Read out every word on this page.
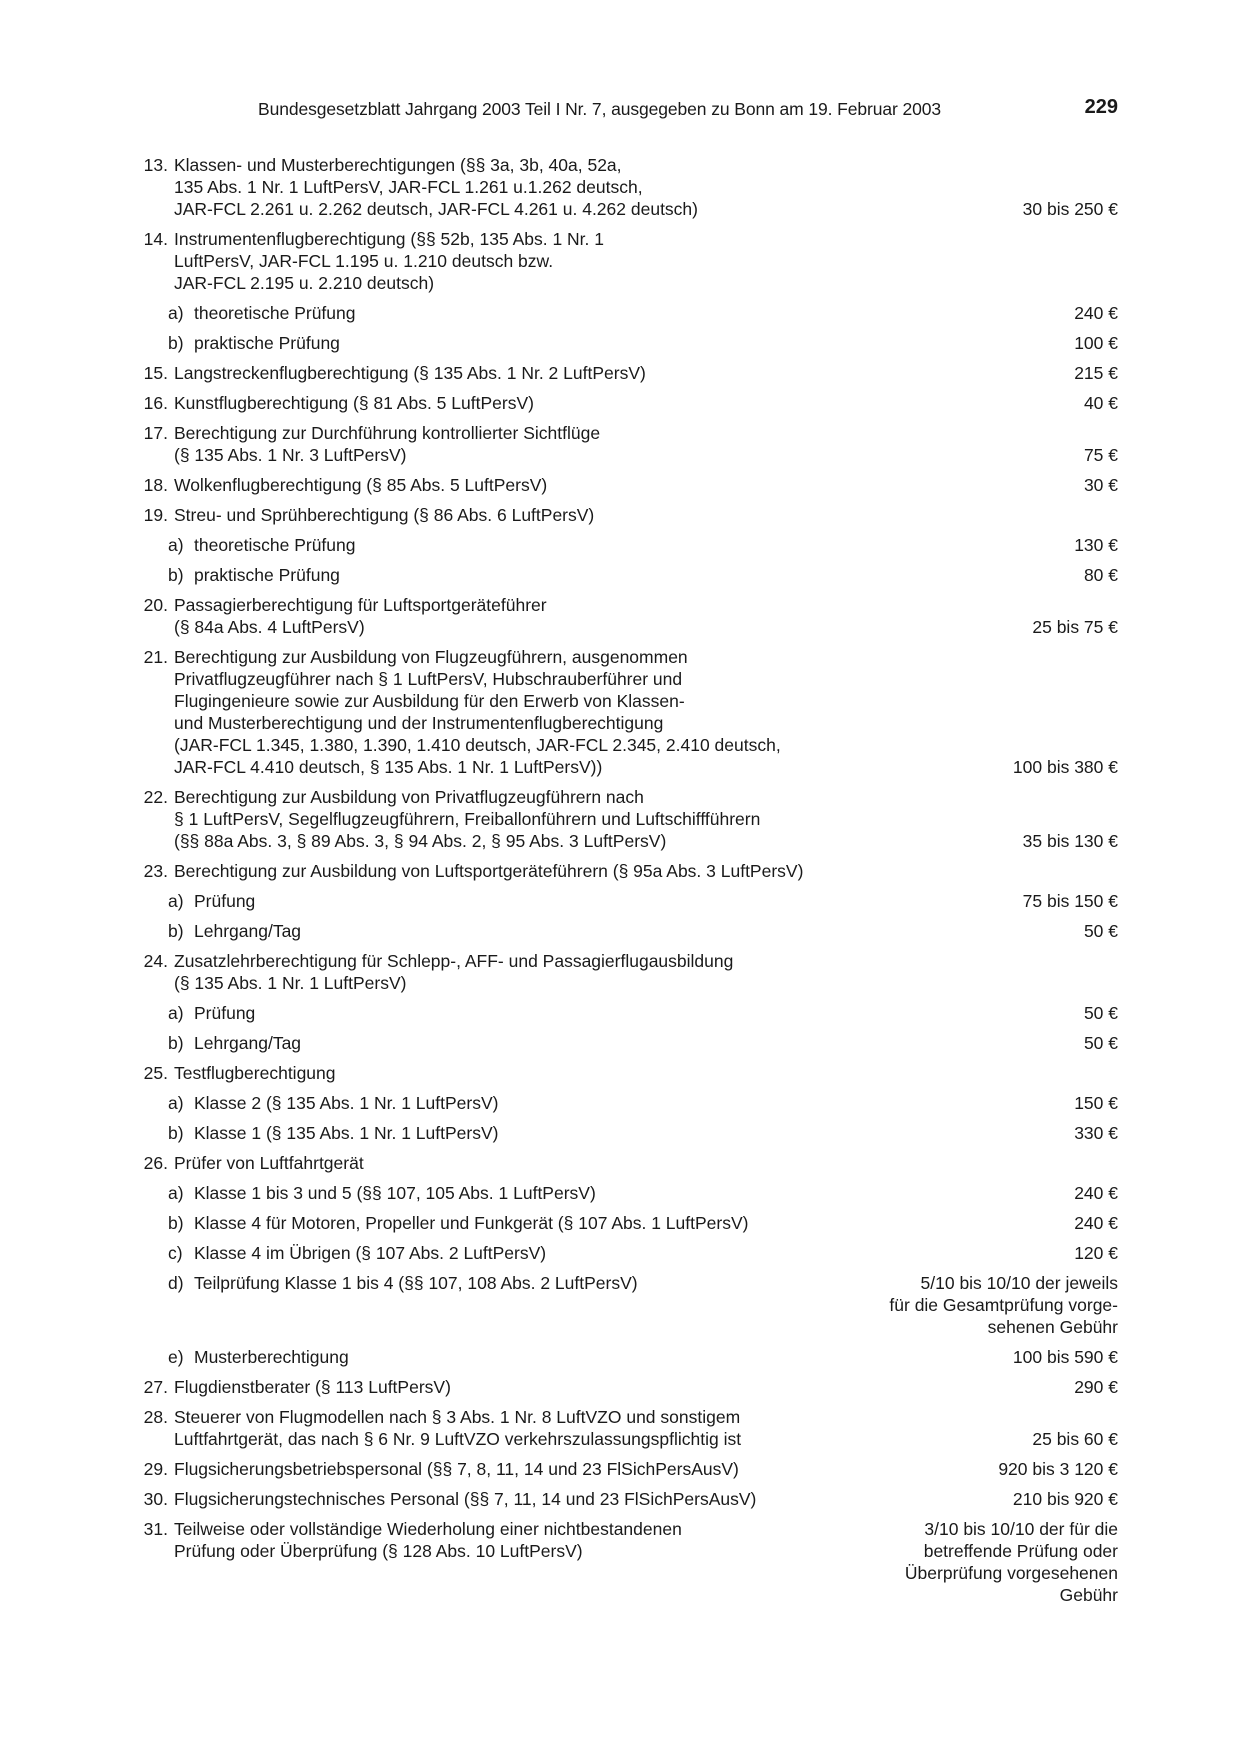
Bundesgesetzblatt Jahrgang 2003 Teil I Nr. 7, ausgegeben zu Bonn am 19. Februar 2003	229
13. Klassen- und Musterberechtigungen (§§ 3a, 3b, 40a, 52a,
135 Abs. 1 Nr. 1 LuftPersV, JAR-FCL 1.261 u.1.262 deutsch,
JAR-FCL 2.261 u. 2.262 deutsch, JAR-FCL 4.261 u. 4.262 deutsch)	30 bis 250 €
14. Instrumentenflugberechtigung (§§ 52b, 135 Abs. 1 Nr. 1
LuftPersV, JAR-FCL 1.195 u. 1.210 deutsch bzw.
JAR-FCL 2.195 u. 2.210 deutsch)
a) theoretische Prüfung	240 €
b) praktische Prüfung	100 €
15. Langstreckenflugberechtigung (§ 135 Abs. 1 Nr. 2 LuftPersV)	215 €
16. Kunstflugberechtigung (§ 81 Abs. 5 LuftPersV)	40 €
17. Berechtigung zur Durchführung kontrollierter Sichtflüge
(§ 135 Abs. 1 Nr. 3 LuftPersV)	75 €
18. Wolkenflugberechtigung (§ 85 Abs. 5 LuftPersV)	30 €
19. Streu- und Sprühberechtigung (§ 86 Abs. 6 LuftPersV)
a) theoretische Prüfung	130 €
b) praktische Prüfung	80 €
20. Passagierberechtigung für Luftsportgeräteführer
(§ 84a Abs. 4 LuftPersV)	25 bis 75 €
21. Berechtigung zur Ausbildung von Flugzeugführern, ausgenommen
Privatflugzeugführer nach § 1 LuftPersV, Hubschrauberführer und
Flugingenieure sowie zur Ausbildung für den Erwerb von Klassen-
und Musterberechtigung und der Instrumentenflugberechtigung
(JAR-FCL 1.345, 1.380, 1.390, 1.410 deutsch, JAR-FCL 2.345, 2.410 deutsch,
JAR-FCL 4.410 deutsch, § 135 Abs. 1 Nr. 1 LuftPersV))	100 bis 380 €
22. Berechtigung zur Ausbildung von Privatflugzeugführern nach
§ 1 LuftPersV, Segelflugzeugführern, Freiballonführern und Luftschiffführern
(§§ 88a Abs. 3, § 89 Abs. 3, § 94 Abs. 2, § 95 Abs. 3 LuftPersV)	35 bis 130 €
23. Berechtigung zur Ausbildung von Luftsportgeräteführern (§ 95a Abs. 3 LuftPersV)
a) Prüfung	75 bis 150 €
b) Lehrgang/Tag	50 €
24. Zusatzlehrberechtigung für Schlepp-, AFF- und Passagierflugausbildung
(§ 135 Abs. 1 Nr. 1 LuftPersV)
a) Prüfung	50 €
b) Lehrgang/Tag	50 €
25. Testflugberechtigung
a) Klasse 2 (§ 135 Abs. 1 Nr. 1 LuftPersV)	150 €
b) Klasse 1 (§ 135 Abs. 1 Nr. 1 LuftPersV)	330 €
26. Prüfer von Luftfahrtgerät
a) Klasse 1 bis 3 und 5 (§§ 107, 105 Abs. 1 LuftPersV)	240 €
b) Klasse 4 für Motoren, Propeller und Funkgerät (§ 107 Abs. 1 LuftPersV)	240 €
c) Klasse 4 im Übrigen (§ 107 Abs. 2 LuftPersV)	120 €
d) Teilprüfung Klasse 1 bis 4 (§§ 107, 108 Abs. 2 LuftPersV)	5/10 bis 10/10 der jeweils
für die Gesamtprüfung vorge-
sehenen Gebühr
e) Musterberechtigung	100 bis 590 €
27. Flugdienstberater (§ 113 LuftPersV)	290 €
28. Steuerer von Flugmodellen nach § 3 Abs. 1 Nr. 8 LuftVZO und sonstigem
Luftfahrtgerät, das nach § 6 Nr. 9 LuftVZO verkehrszulassungspflichtig ist	25 bis 60 €
29. Flugsicherungsbetriebspersonal (§§ 7, 8, 11, 14 und 23 FlSichPersAusV)	920 bis 3 120 €
30. Flugsicherungstechnisches Personal (§§ 7, 11, 14 und 23 FlSichPersAusV)	210 bis 920 €
31. Teilweise oder vollständige Wiederholung einer nichtbestandenen
Prüfung oder Überprüfung (§ 128 Abs. 10 LuftPersV)
3/10 bis 10/10 der für die
betreffende Prüfung oder
Überprüfung vorgesehenen
Gebühr
